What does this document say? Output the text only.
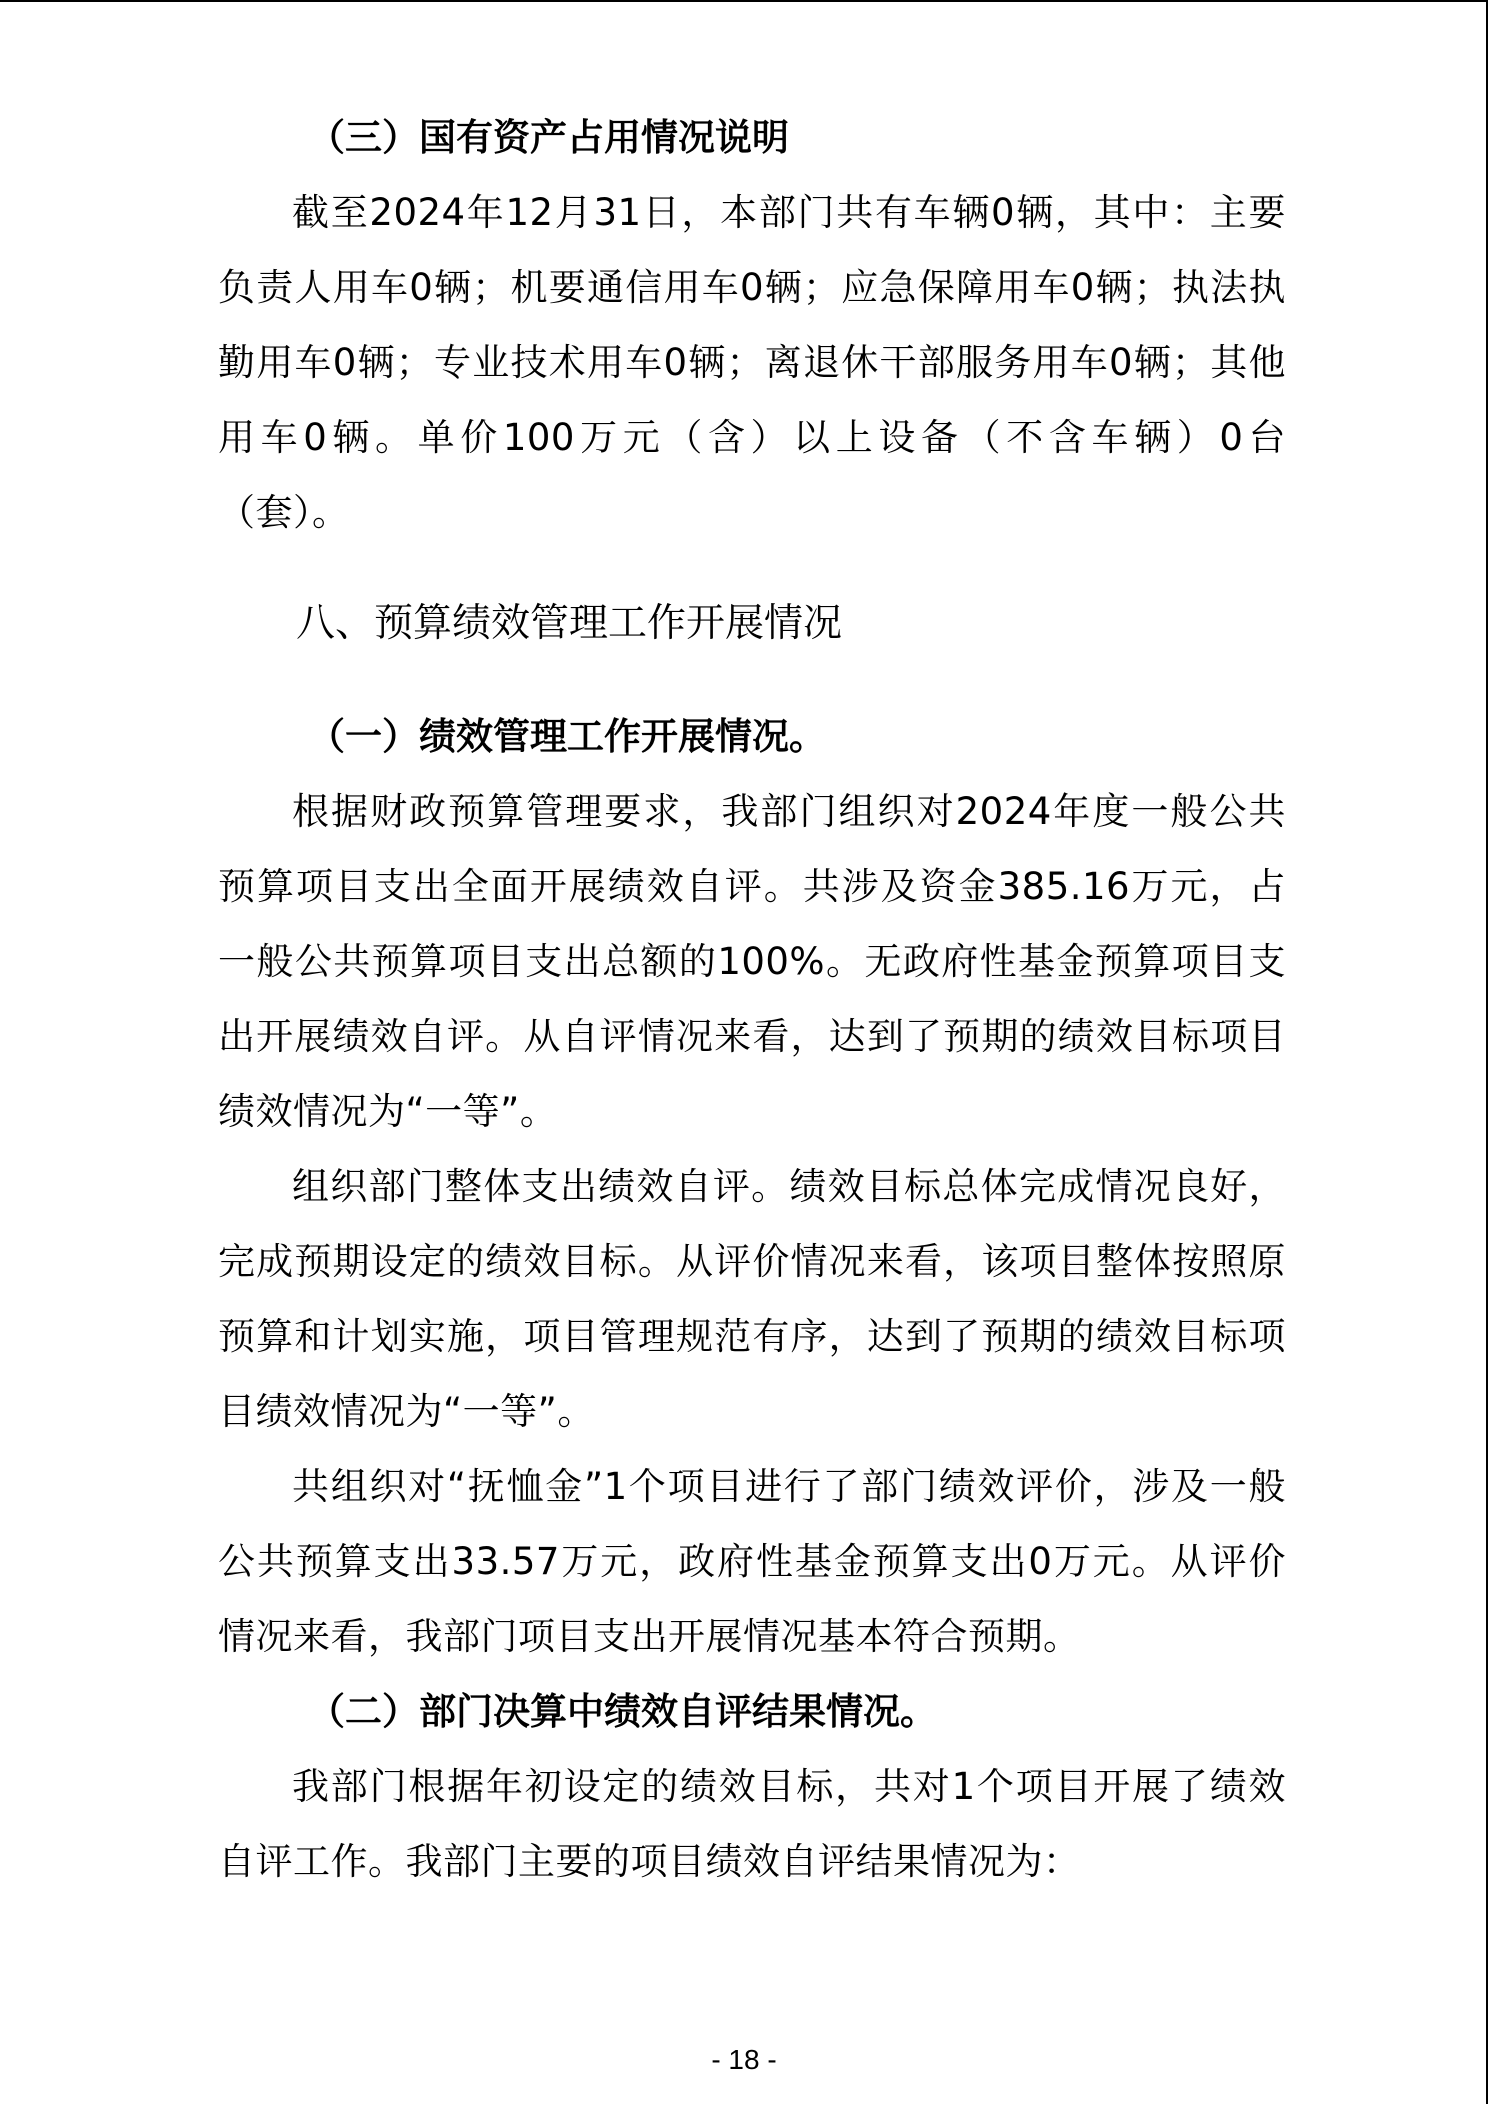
（三）国有资产占用情况说明

截至2024年12月31日，本部门共有车辆0辆，其中：主要负责人用车0辆；机要通信用车0辆；应急保障用车0辆；执法执勤用车0辆；专业技术用车0辆；离退休干部服务用车0辆；其他用车0辆。单价100万元（含）以上设备（不含车辆）0台（套）。

八、预算绩效管理工作开展情况

（一）绩效管理工作开展情况。

根据财政预算管理要求，我部门组织对2024年度一般公共预算项目支出全面开展绩效自评。共涉及资金385.16万元，占一般公共预算项目支出总额的100%。无政府性基金预算项目支出开展绩效自评。从自评情况来看，达到了预期的绩效目标项目绩效情况为“一等”。

组织部门整体支出绩效自评。绩效目标总体完成情况良好，完成预期设定的绩效目标。从评价情况来看，该项目整体按照原预算和计划实施，项目管理规范有序，达到了预期的绩效目标项目绩效情况为“一等”。

共组织对“抚恤金”1个项目进行了部门绩效评价，涉及一般公共预算支出33.57万元，政府性基金预算支出0万元。从评价情况来看，我部门项目支出开展情况基本符合预期。

（二）部门决算中绩效自评结果情况。

我部门根据年初设定的绩效目标，共对1个项目开展了绩效自评工作。我部门主要的项目绩效自评结果情况为：

- 18 -
